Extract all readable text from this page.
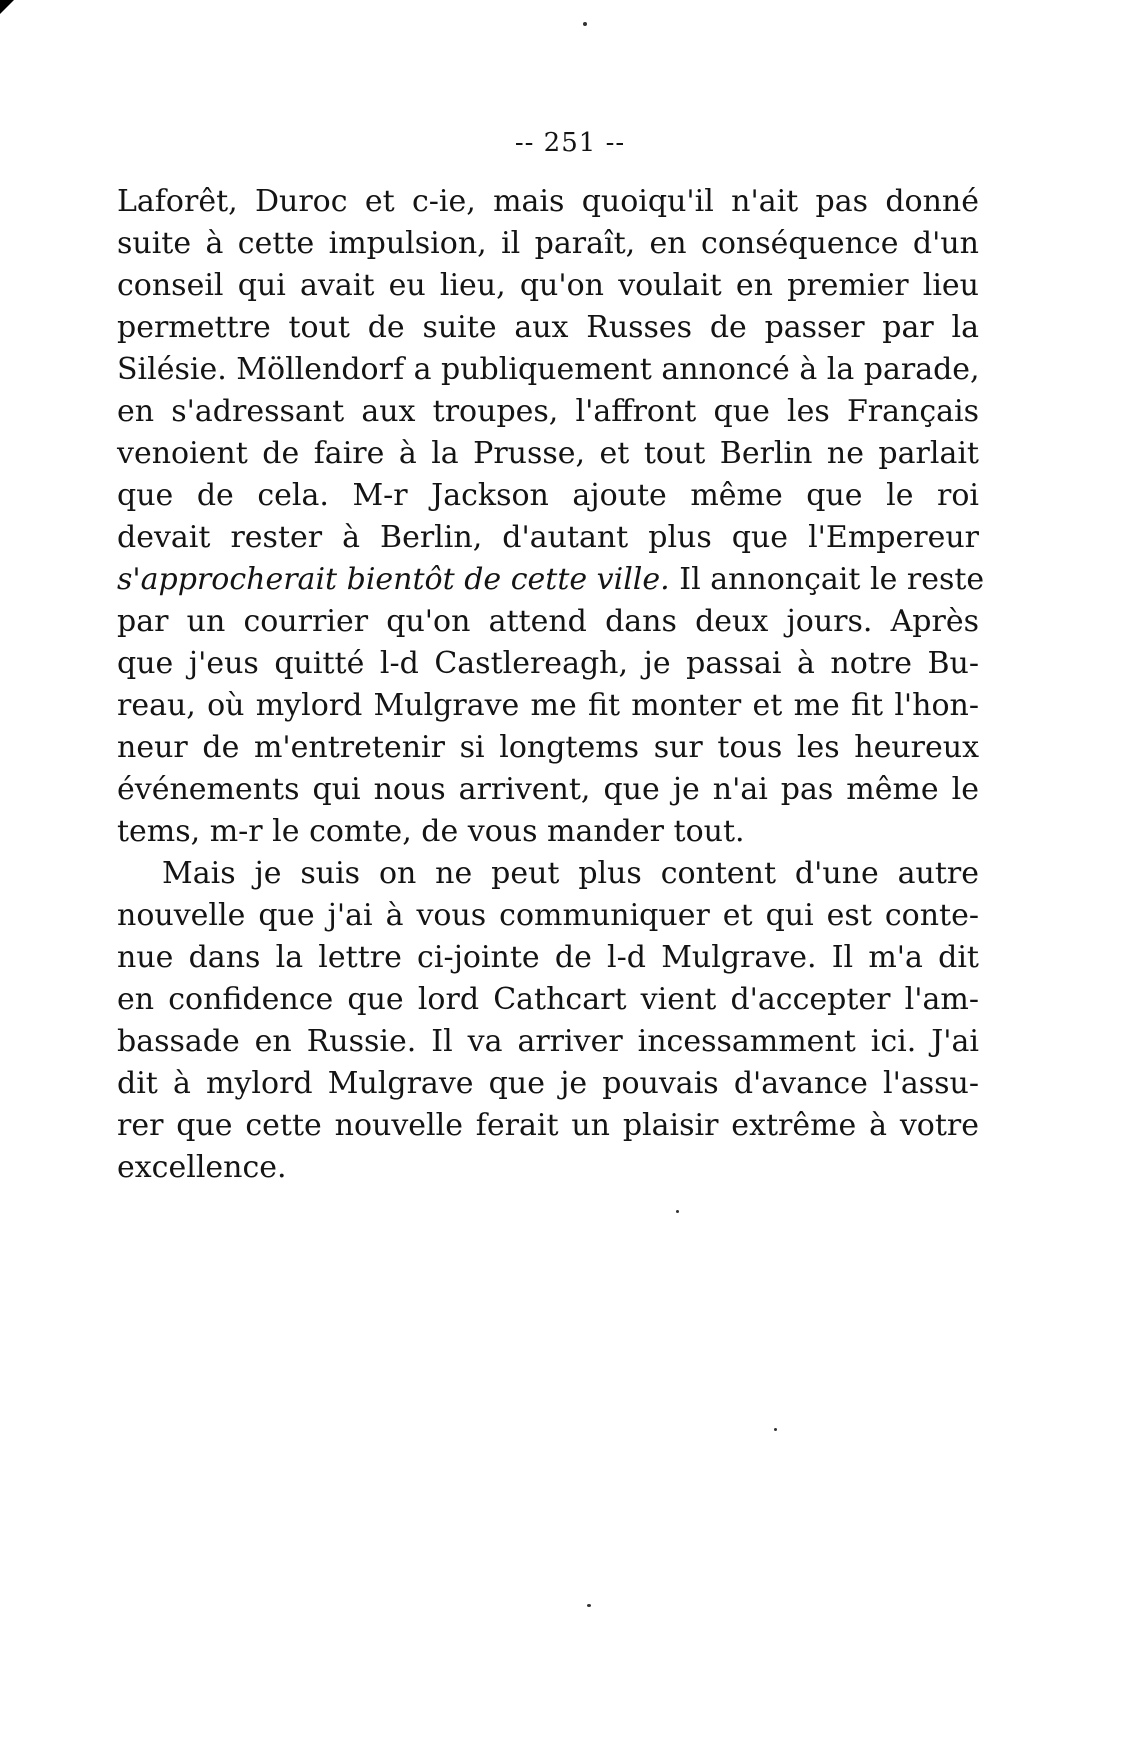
-- 251 --
Laforêt, Duroc et c-ie, mais quoiqu'il n'ait pas donné
suite à cette impulsion, il paraît, en conséquence d'un
conseil qui avait eu lieu, qu'on voulait en premier lieu
permettre tout de suite aux Russes de passer par la
Silésie. Möllendorf a publiquement annoncé à la parade,
en s'adressant aux troupes, l'affront que les Français
venoient de faire à la Prusse, et tout Berlin ne parlait
que de cela. M-r Jackson ajoute même que le roi
devait rester à Berlin, d'autant plus que l'Empereur
s'approcherait bientôt de cette ville. Il annonçait le reste
par un courrier qu'on attend dans deux jours. Après
que j'eus quitté l-d Castlereagh, je passai à notre Bu-
reau, où mylord Mulgrave me fit monter et me fit l'hon-
neur de m'entretenir si longtems sur tous les heureux
événements qui nous arrivent, que je n'ai pas même le
tems, m-r le comte, de vous mander tout.
Mais je suis on ne peut plus content d'une autre
nouvelle que j'ai à vous communiquer et qui est conte-
nue dans la lettre ci-jointe de l-d Mulgrave. Il m'a dit
en confidence que lord Cathcart vient d'accepter l'am-
bassade en Russie. Il va arriver incessamment ici. J'ai
dit à mylord Mulgrave que je pouvais d'avance l'assu-
rer que cette nouvelle ferait un plaisir extrême à votre
excellence.
